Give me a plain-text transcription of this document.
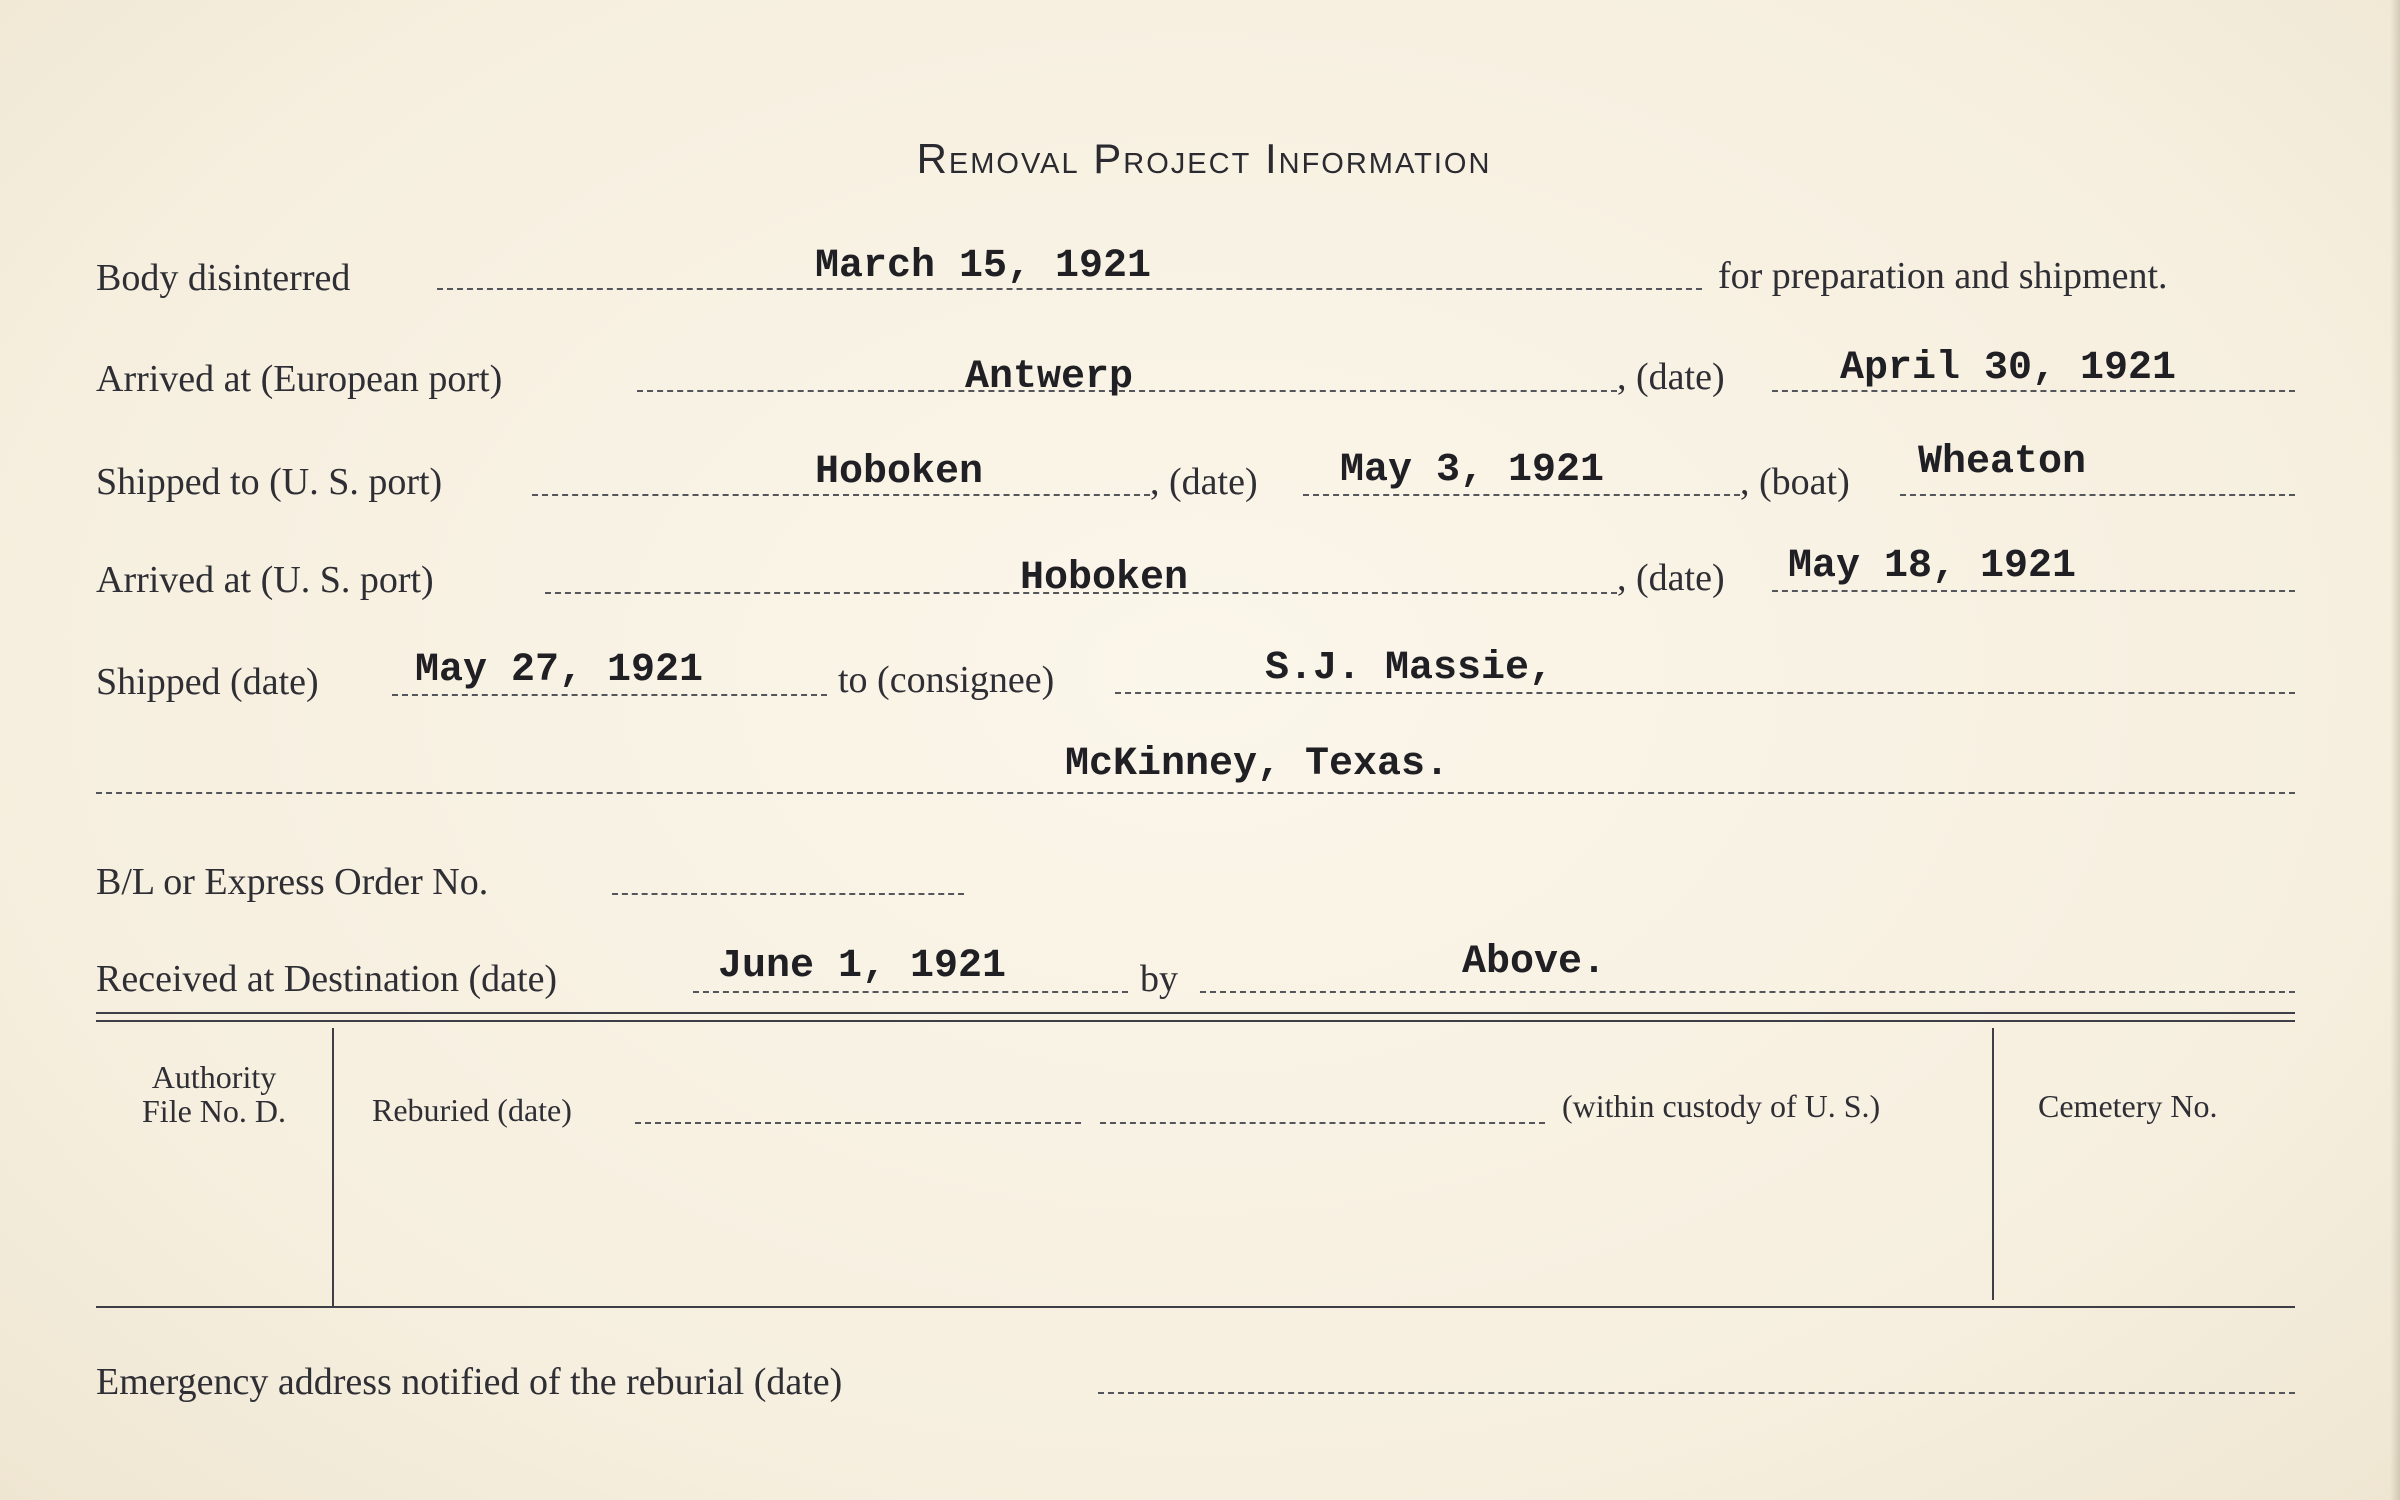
Removal Project Information
Body disinterred	March 15, 1921	for preparation and shipment.
Arrived at (European port)	Antwerp	, (date)	April 30, 1921
Shipped to (U. S. port)	Hoboken	, (date) May 3, 1921	, (boat) Wheaton
Arrived at (U. S. port)	Hoboken	, (date) May 18, 1921
Shipped (date) May 27, 1921	to (consignee)	S.J. Massie,
McKinney, Texas.
B/L or Express Order No.
Received at Destination (date)	June 1, 1921	by	Above.
Authority
File No. D.	Reburied (date)	(within custody of U. S.)	Cemetery No.
Emergency address notified of the reburial (date)
